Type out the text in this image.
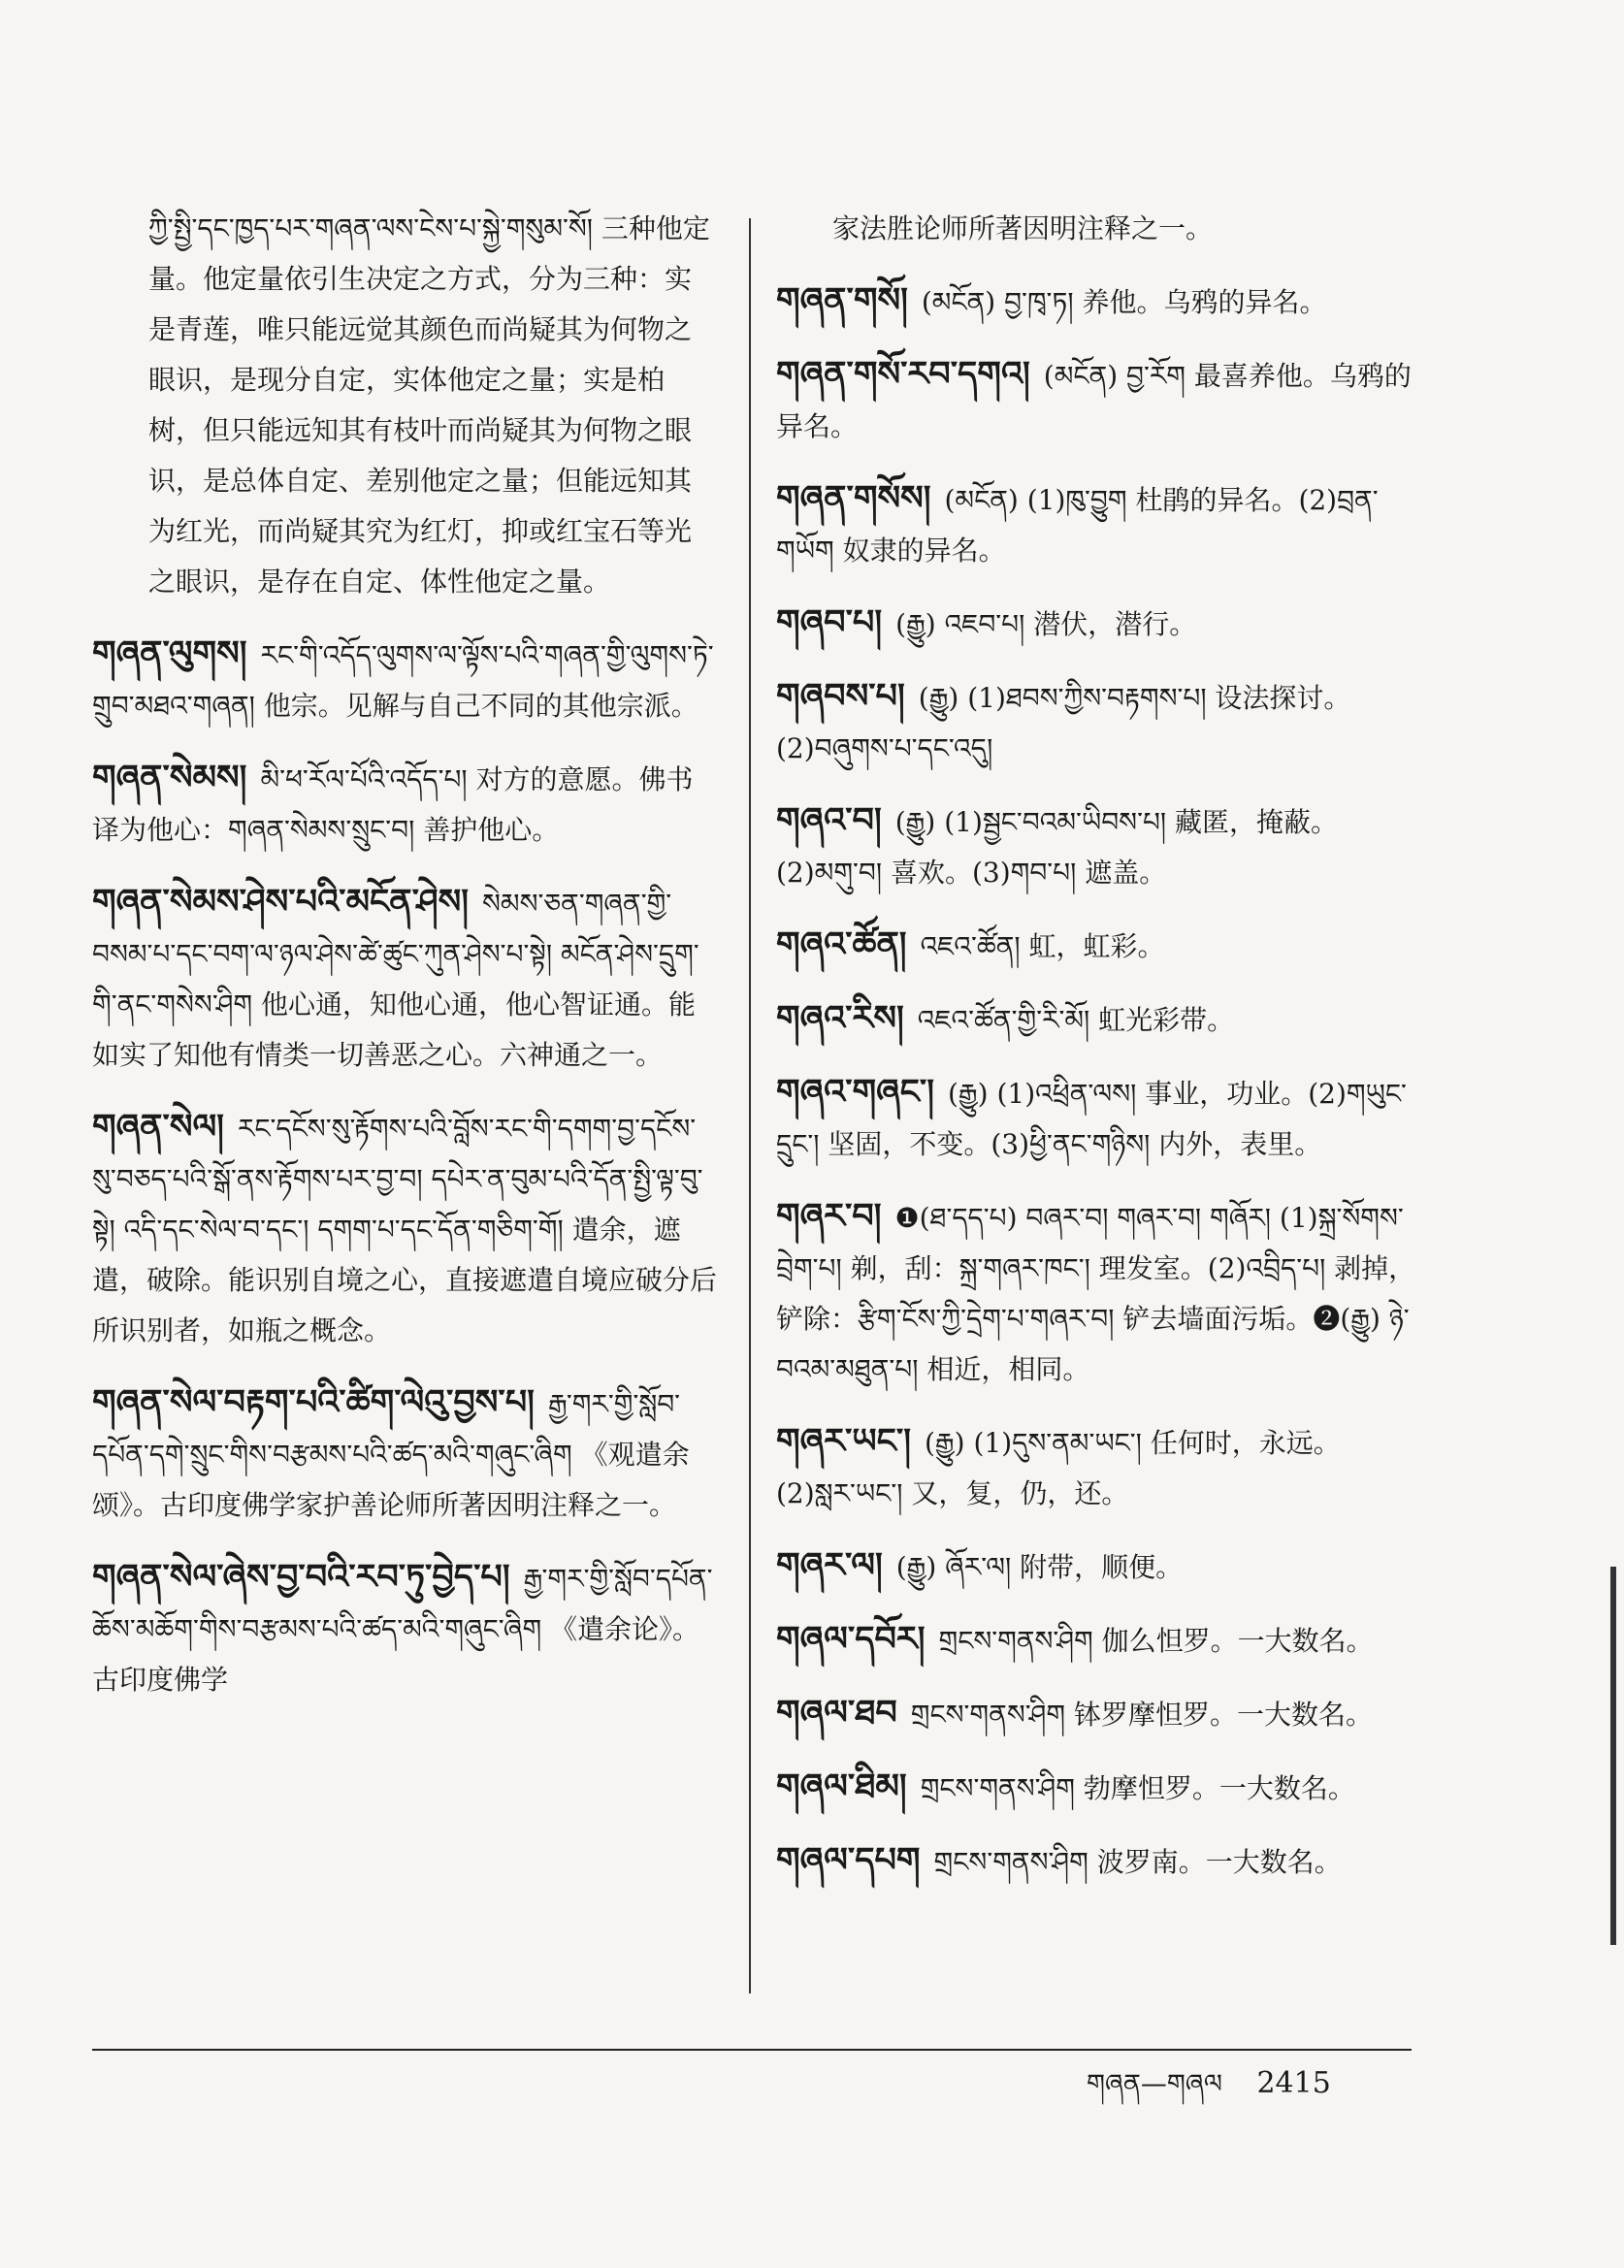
ཀྱི་སྤྱི་དང་ཁྱད་པར་གཞན་ལས་ངེས་པ་སྐྱེ་གསུམ་སོ། 三种他定量。他定量依引生决定之方式，分为三种：实是青莲，唯只能远觉其颜色而尚疑其为何物之眼识，是现分自定，实体他定之量；实是柏树，但只能远知其有枝叶而尚疑其为何物之眼识，是总体自定、差别他定之量；但能远知其为红光，而尚疑其究为红灯，抑或红宝石等光之眼识，是存在自定、体性他定之量。
གཞན་ལུགས། རང་གི་འདོད་ལུགས་ལ་ལྟོས་པའི་གཞན་གྱི་ལུགས་ཏེ་གྲུབ་མཐའ་གཞན། 他宗。见解与自己不同的其他宗派。
གཞན་སེམས། མི་ཕ་རོལ་པོའི་འདོད་པ། 对方的意愿。佛书译为他心：གཞན་སེམས་སྲུང་བ། 善护他心。
གཞན་སེམས་ཤེས་པའི་མངོན་ཤེས། སེམས་ཅན་གཞན་གྱི་བསམ་པ་དང་བག་ལ་ཉལ་ཤེས་ཚེ་ཚུང་ཀུན་ཤེས་པ་སྟེ། མངོན་ཤེས་དྲུག་གི་ནང་གསེས་ཤིག 他心通，知他心通，他心智证通。能如实了知他有情类一切善恶之心。六神通之一。
གཞན་སེལ། རང་དངོས་སུ་རྟོགས་པའི་བློས་རང་གི་དགག་བྱ་དངོས་སུ་བཅད་པའི་སྒོ་ནས་རྟོགས་པར་བྱ་བ། དཔེར་ན་བུམ་པའི་དོན་སྤྱི་ལྟ་བུ་སྟེ། འདི་དང་སེལ་བ་དང་། དགག་པ་དང་དོན་གཅིག་གོ། 遣余，遮遣，破除。能识别自境之心，直接遮遣自境应破分后所识别者，如瓶之概念。
གཞན་སེལ་བརྟག་པའི་ཚིག་ལེའུ་བྱས་པ། རྒྱ་གར་གྱི་སློབ་དཔོན་དགེ་སྲུང་གིས་བརྩམས་པའི་ཚད་མའི་གཞུང་ཞིག 《观遣余颂》。古印度佛学家护善论师所著因明注释之一。
གཞན་སེལ་ཞེས་བྱ་བའི་རབ་ཏུ་བྱེད་པ། རྒྱ་གར་གྱི་སློབ་དཔོན་ཆོས་མཆོག་གིས་བརྩམས་པའི་ཚད་མའི་གཞུང་ཞིག 《遣余论》。古印度佛学
家法胜论师所著因明注释之一。
གཞན་གསོ། (མངོན) བྱ་ཁྭ་ཏ། 养他。乌鸦的异名。
གཞན་གསོ་རབ་དགའ། (མངོན) བྱ་རོག 最喜养他。乌鸦的异名。
གཞན་གསོས། (མངོན) (1)ཁུ་བྱུག 杜鹃的异名。(2)བྲན་གཡོག 奴隶的异名。
གཞབ་པ། (རྒྱུ) འཇབ་པ། 潜伏，潜行。
གཞབས་པ། (རྒྱུ) (1)ཐབས་ཀྱིས་བརྟགས་པ། 设法探讨。(2)བཞུགས་པ་དང་འདུ།
གཞའ་བ། (རྒྱུ) (1)སྦྱང་བའམ་ཡིབས་པ། 藏匿，掩蔽。(2)མགུ་བ། 喜欢。(3)གབ་པ། 遮盖。
གཞའ་ཚོན། འཇའ་ཚོན། 虹，虹彩。
གཞའ་རིས། འཇའ་ཚོན་གྱི་རི་མོ། 虹光彩带。
གཞའ་གཞང་། (རྒྱུ) (1)འཕྲིན་ལས། 事业，功业。(2)གཡུང་དྲུང་། 坚固，不变。(3)ཕྱི་ནང་གཉིས། 内外，表里。
གཞར་བ། ❶(ཐ་དད་པ) བཞར་བ། གཞར་བ། གཞོར། (1)སྐྲ་སོགས་བྲེག་པ། 剃，刮：སྐྲ་གཞར་ཁང་། 理发室。(2)འབྲིད་པ། 剥掉，铲除：རྩིག་ངོས་ཀྱི་དྲེག་པ་གཞར་བ། 铲去墙面污垢。❷(རྒྱུ) ཉེ་བའམ་མཐུན་པ། 相近，相同。
གཞར་ཡང་། (རྒྱུ) (1)དུས་ནམ་ཡང་། 任何时，永远。(2)སླར་ཡང་། 又，复，仍，还。
གཞར་ལ། (རྒྱུ) ཞོར་ལ། 附带，顺便。
གཞལ་དབོར། གྲངས་གནས་ཤིག 伽么怛罗。一大数名。
གཞལ་ཐབ གྲངས་གནས་ཤིག 钵罗摩怛罗。一大数名。
གཞལ་ཐིམ། གྲངས་གནས་ཤིག 勃摩怛罗。一大数名。
གཞལ་དཔག གྲངས་གནས་ཤིག 波罗南。一大数名。
གཞན—གཞལ 2415
